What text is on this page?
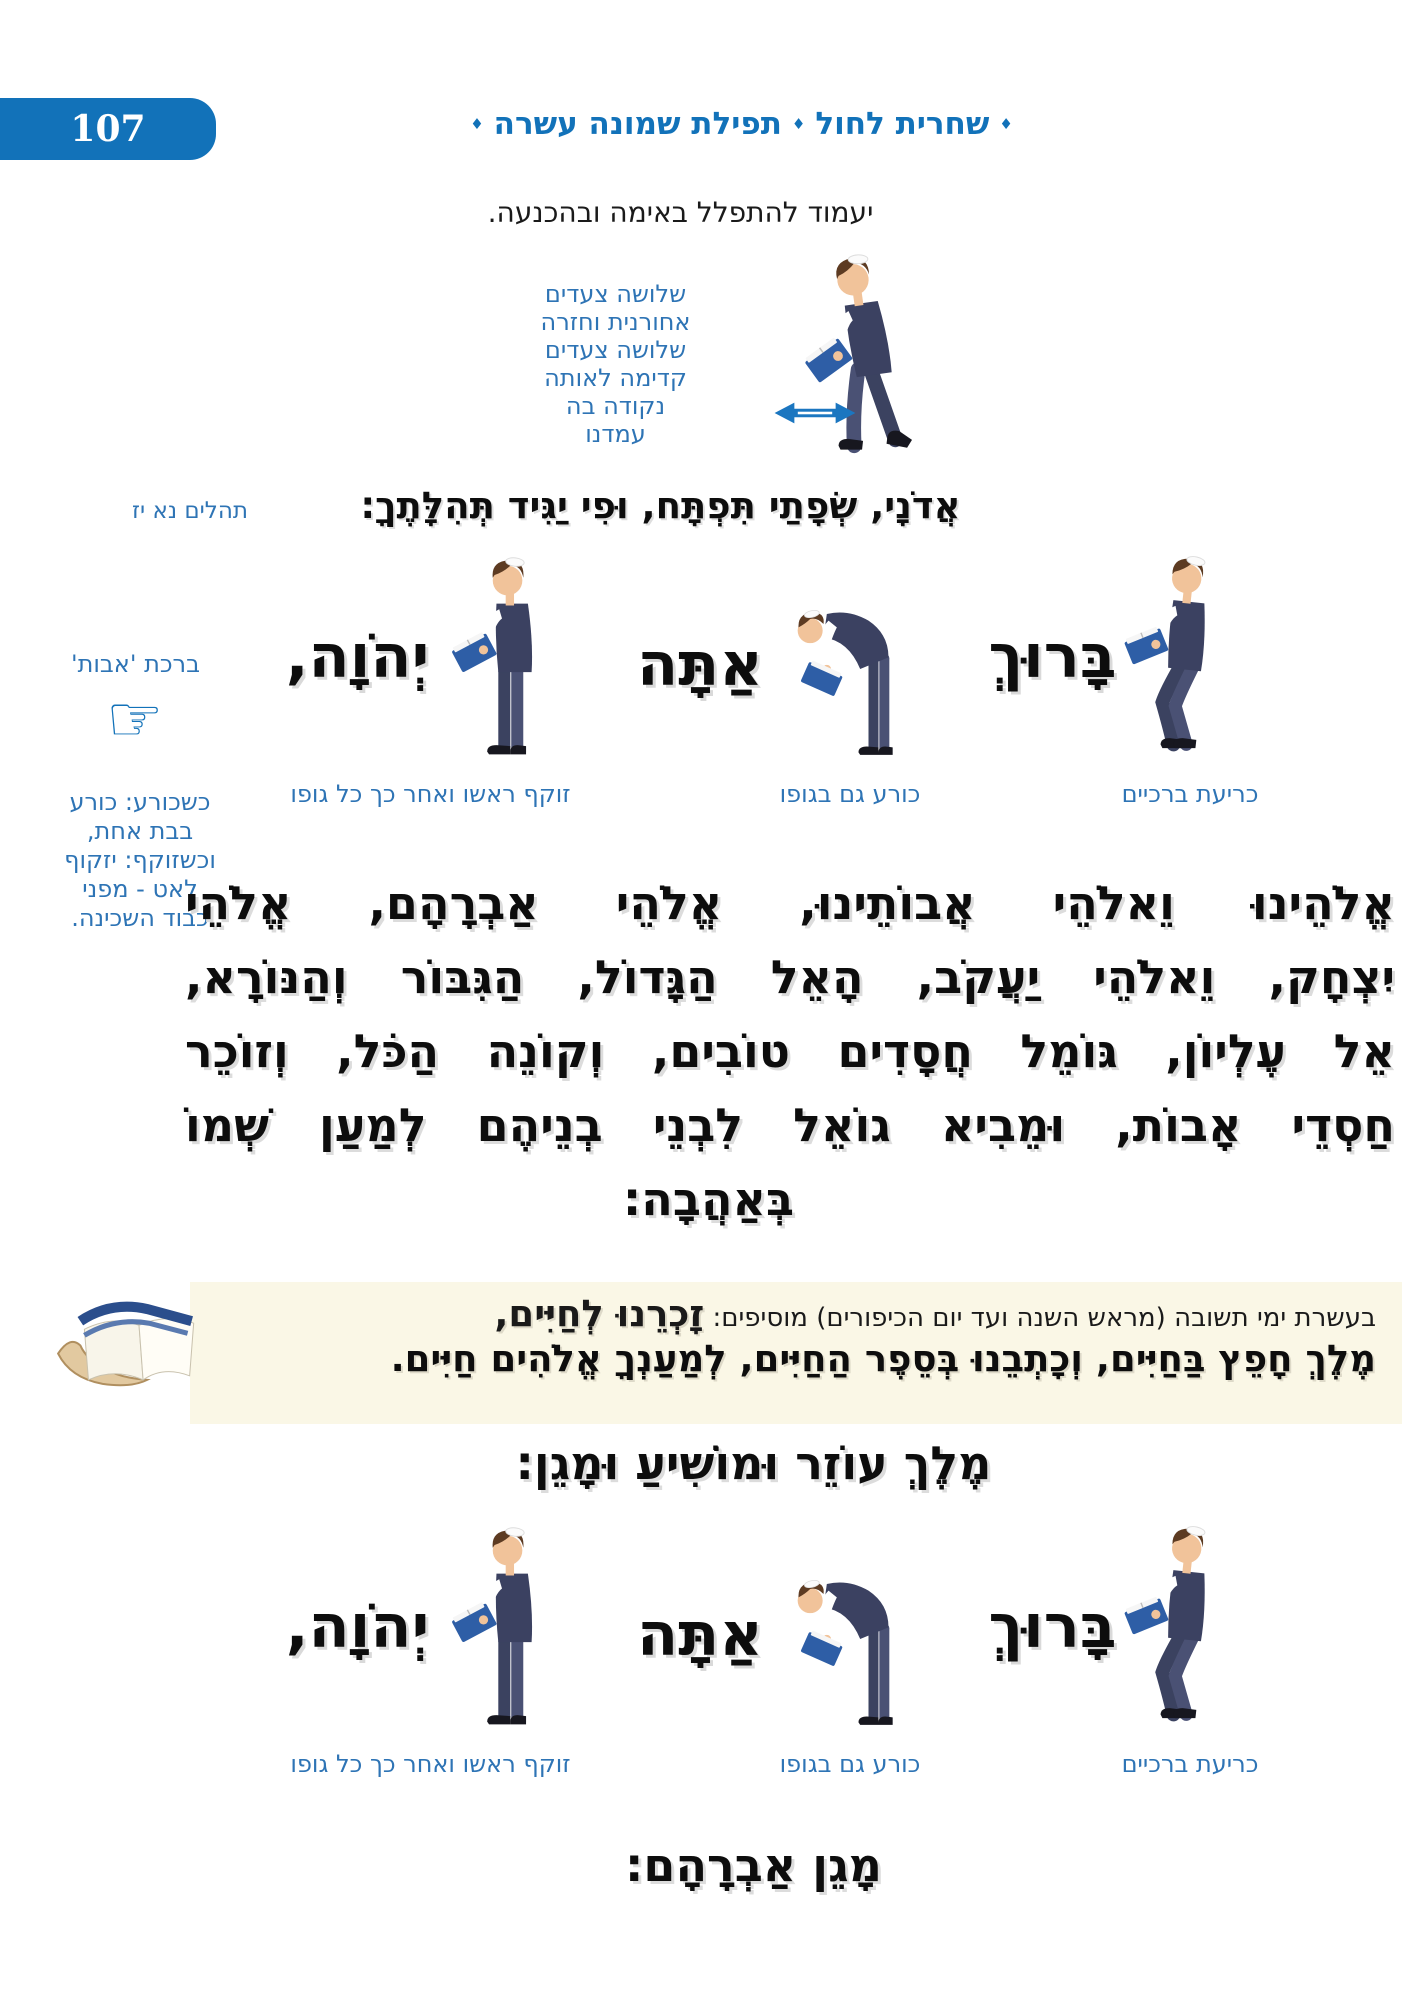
107	♦שחרית לחול♦תפילת שמונה עשרה♦
יעמוד להתפלל באימה ובהכנעה.
שלושה צעדים
אחורנית וחזרה
שלושה צעדים
קדימה לאותה
נקודה בה
עמדנו
אֲדֹנָי, שְׂפָתַי תִּפְתָּח, וּפִי יַגִּיד תְּהִלָּתֶךָ:
תהלים נא יז
ברכת 'אבות'
☞
כשכורע: כורע
בבת אחת,
וכשזוקף: יזקוף
לאט - מפני
כבוד השכינה.
בָּרוּךְ
כריעת ברכיים
אַתָּה
כורע גם בגופו
יְהֹוָה,
זוקף ראשו ואחר כך כל גופו
אֱלֹהֵינוּ וֵאלֹהֵי אֲבוֹתֵינוּ, אֱלֹהֵי אַבְרָהָם, אֱלֹהֵי
יִצְחָק, וֵאלֹהֵי יַעֲקֹב, הָאֵל הַגָּדוֹל, הַגִּבּוֹר וְהַנּוֹרָא,
אֵל עֶלְיוֹן, גּוֹמֵל חֲסָדִים טוֹבִים, וְקוֹנֵה הַכֹּל, וְזוֹכֵר
חַסְדֵי אָבוֹת, וּמֵבִיא גוֹאֵל לִבְנֵי בְנֵיהֶם לְמַעַן שְׁמוֹ
בְּאַהֲבָה:
בעשרת ימי תשובה (מראש השנה ועד יום הכיפורים) מוסיפים: זָכְרֵנוּ לְחַיִּים,
מֶלֶךְ חָפֵץ בַּחַיִּים, וְכָתְבֵנוּ בְּסֵפֶר הַחַיִּים, לְמַעַנְךָ אֱלֹהִים חַיִּים.
מֶלֶךְ עוֹזֵר וּמוֹשִׁיעַ וּמָגֵן:
בָּרוּךְ
כריעת ברכיים
אַתָּה
כורע גם בגופו
יְהֹוָה,
זוקף ראשו ואחר כך כל גופו
מָגֵן אַבְרָהָם:
